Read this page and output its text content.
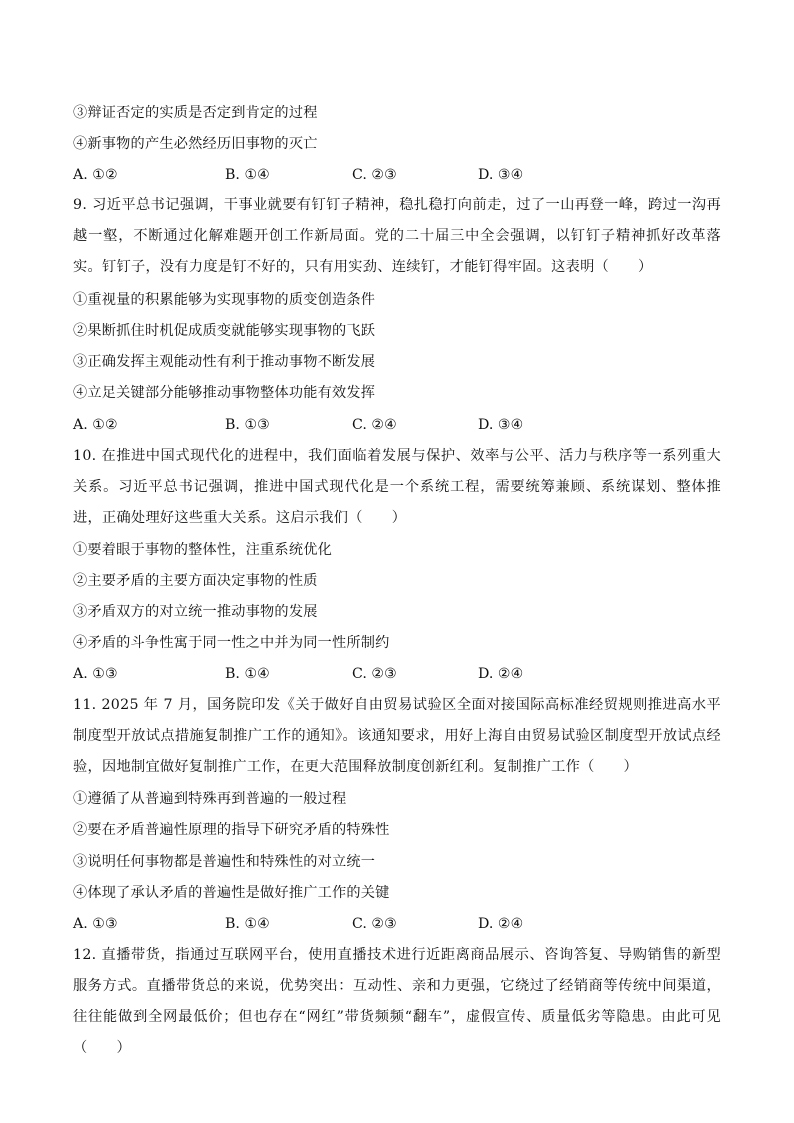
③辩证否定的实质是否定到肯定的过程
④新事物的产生必然经历旧事物的灭亡
A. ①②	B. ①④	C. ②③	D. ③④
9. 习近平总书记强调，干事业就要有钉钉子精神，稳扎稳打向前走，过了一山再登一峰，跨过一沟再越一壑，不断通过化解难题开创工作新局面。党的二十届三中全会强调，以钉钉子精神抓好改革落实。钉钉子，没有力度是钉不好的，只有用实劲、连续钉，才能钉得牢固。这表明（　　）
①重视量的积累能够为实现事物的质变创造条件
②果断抓住时机促成质变就能够实现事物的飞跃
③正确发挥主观能动性有利于推动事物不断发展
④立足关键部分能够推动事物整体功能有效发挥
A. ①②	B. ①③	C. ②④	D. ③④
10. 在推进中国式现代化的进程中，我们面临着发展与保护、效率与公平、活力与秩序等一系列重大关系。习近平总书记强调，推进中国式现代化是一个系统工程，需要统筹兼顾、系统谋划、整体推进，正确处理好这些重大关系。这启示我们（　　）
①要着眼于事物的整体性，注重系统优化
②主要矛盾的主要方面决定事物的性质
③矛盾双方的对立统一推动事物的发展
④矛盾的斗争性寓于同一性之中并为同一性所制约
A. ①③	B. ①④	C. ②③	D. ②④
11. 2025 年 7 月，国务院印发《关于做好自由贸易试验区全面对接国际高标准经贸规则推进高水平制度型开放试点措施复制推广工作的通知》。该通知要求，用好上海自由贸易试验区制度型开放试点经验，因地制宜做好复制推广工作，在更大范围释放制度创新红利。复制推广工作（　　）
①遵循了从普遍到特殊再到普遍的一般过程
②要在矛盾普遍性原理的指导下研究矛盾的特殊性
③说明任何事物都是普遍性和特殊性的对立统一
④体现了承认矛盾的普遍性是做好推广工作的关键
A. ①③	B. ①④	C. ②③	D. ②④
12. 直播带货，指通过互联网平台，使用直播技术进行近距离商品展示、咨询答复、导购销售的新型服务方式。直播带货总的来说，优势突出：互动性、亲和力更强，它绕过了经销商等传统中间渠道，往往能做到全网最低价；但也存在“网红”带货频频“翻车”，虚假宣传、质量低劣等隐患。由此可见（　　）
